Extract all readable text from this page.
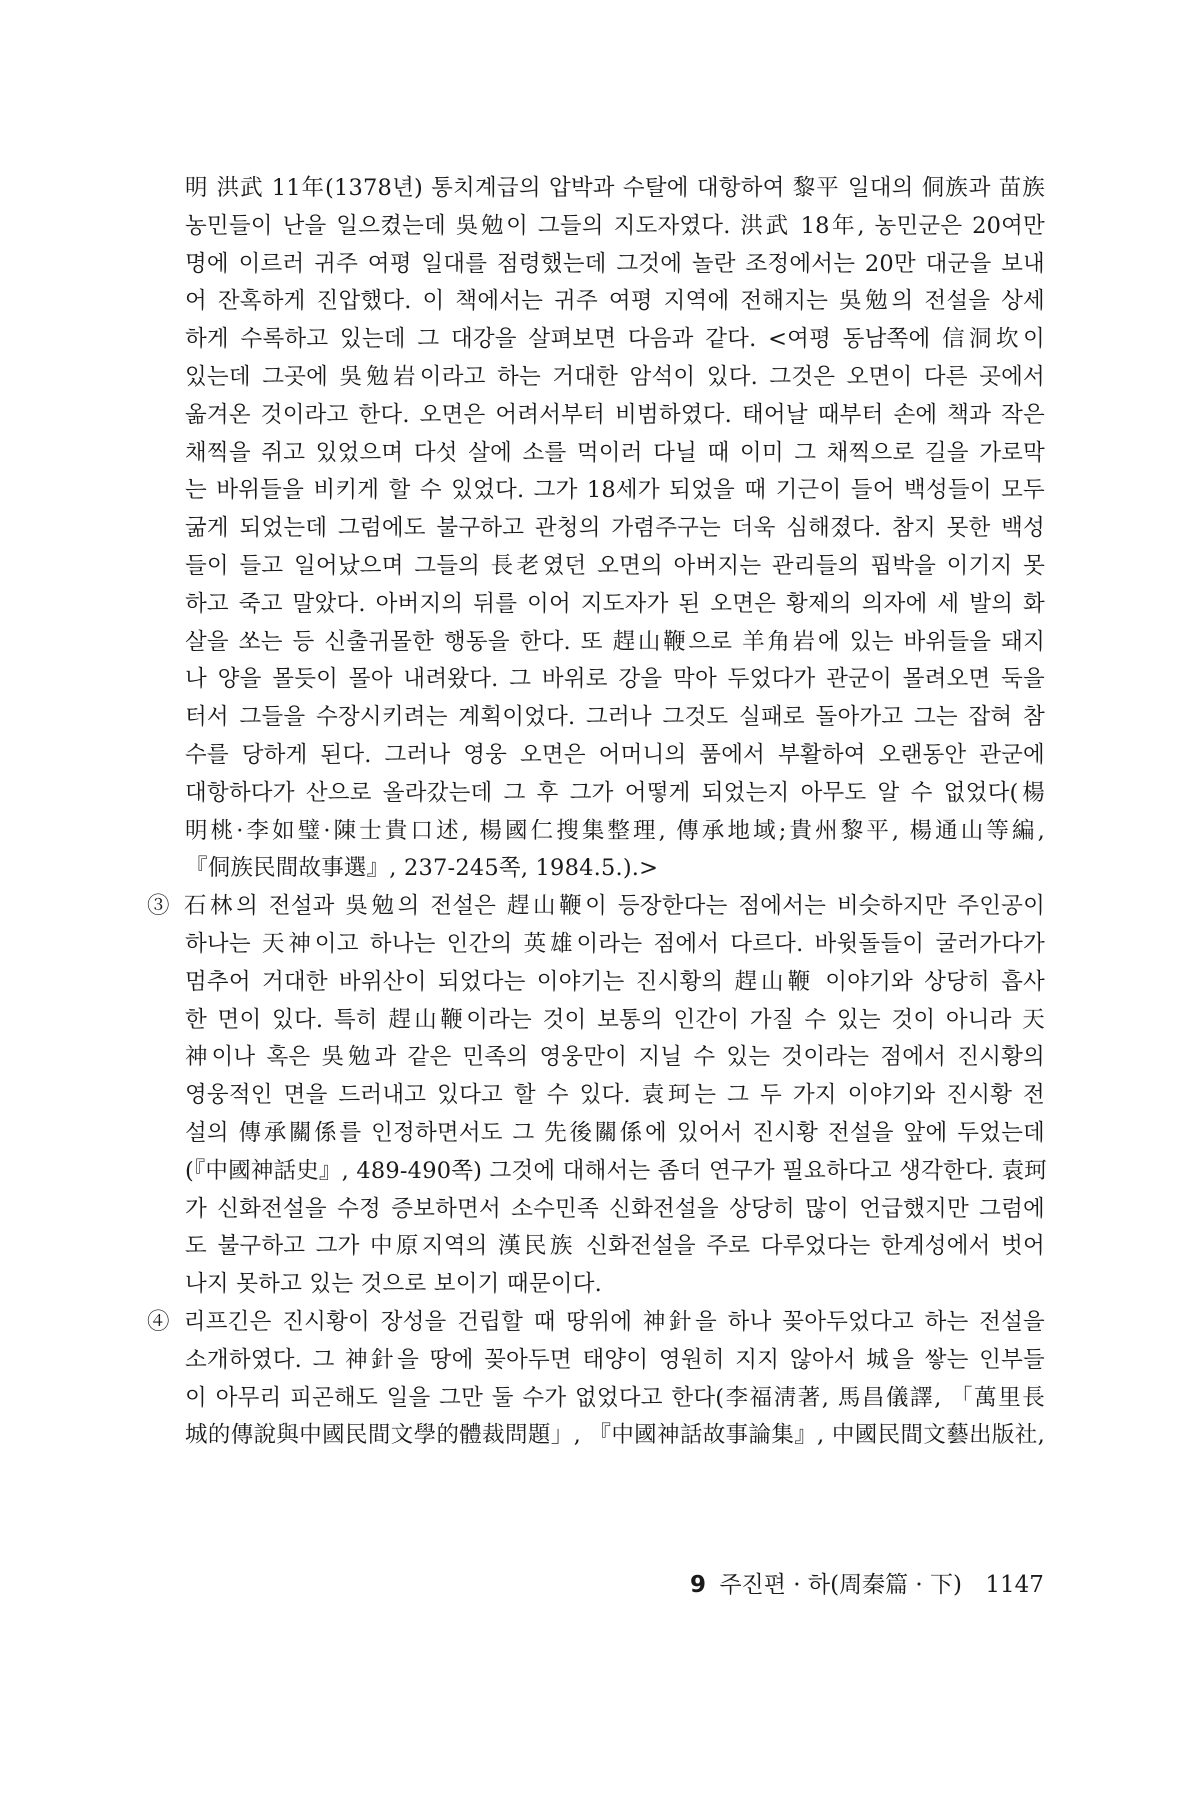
明 洪武 11年(1378년) 통치계급의 압박과 수탈에 대항하여 黎平 일대의 侗族과 苗族
농민들이 난을 일으켰는데 吳勉이 그들의 지도자였다. 洪武 18年, 농민군은 20여만
명에 이르러 귀주 여평 일대를 점령했는데 그것에 놀란 조정에서는 20만 대군을 보내
어 잔혹하게 진압했다. 이 책에서는 귀주 여평 지역에 전해지는 吳勉의 전설을 상세
하게 수록하고 있는데 그 대강을 살펴보면 다음과 같다. <여평 동남쪽에 信洞坎이
있는데 그곳에 吳勉岩이라고 하는 거대한 암석이 있다. 그것은 오면이 다른 곳에서
옮겨온 것이라고 한다. 오면은 어려서부터 비범하였다. 태어날 때부터 손에 책과 작은
채찍을 쥐고 있었으며 다섯 살에 소를 먹이러 다닐 때 이미 그 채찍으로 길을 가로막
는 바위들을 비키게 할 수 있었다. 그가 18세가 되었을 때 기근이 들어 백성들이 모두
굶게 되었는데 그럼에도 불구하고 관청의 가렴주구는 더욱 심해졌다. 참지 못한 백성
들이 들고 일어났으며 그들의 長老였던 오면의 아버지는 관리들의 핍박을 이기지 못
하고 죽고 말았다. 아버지의 뒤를 이어 지도자가 된 오면은 황제의 의자에 세 발의 화
살을 쏘는 등 신출귀몰한 행동을 한다. 또 趕山鞭으로 羊角岩에 있는 바위들을 돼지
나 양을 몰듯이 몰아 내려왔다. 그 바위로 강을 막아 두었다가 관군이 몰려오면 둑을
터서 그들을 수장시키려는 계획이었다. 그러나 그것도 실패로 돌아가고 그는 잡혀 참
수를 당하게 된다. 그러나 영웅 오면은 어머니의 품에서 부활하여 오랜동안 관군에
대항하다가 산으로 올라갔는데 그 후 그가 어떻게 되었는지 아무도 알 수 없었다(楊
明桃·李如璧·陳士貴口述, 楊國仁搜集整理, 傳承地域;貴州黎平, 楊通山等編,
『侗族民間故事選』, 237-245쪽, 1984.5.).>
③ 石林의 전설과 吳勉의 전설은 趕山鞭이 등장한다는 점에서는 비슷하지만 주인공이
하나는 天神이고 하나는 인간의 英雄이라는 점에서 다르다. 바윗돌들이 굴러가다가
멈추어 거대한 바위산이 되었다는 이야기는 진시황의 趕山鞭 이야기와 상당히 흡사
한 면이 있다. 특히 趕山鞭이라는 것이 보통의 인간이 가질 수 있는 것이 아니라 天
神이나 혹은 吳勉과 같은 민족의 영웅만이 지닐 수 있는 것이라는 점에서 진시황의
영웅적인 면을 드러내고 있다고 할 수 있다. 袁珂는 그 두 가지 이야기와 진시황 전
설의 傳承關係를 인정하면서도 그 先後關係에 있어서 진시황 전설을 앞에 두었는데
(『中國神話史』, 489-490쪽) 그것에 대해서는 좀더 연구가 필요하다고 생각한다. 袁珂
가 신화전설을 수정 증보하면서 소수민족 신화전설을 상당히 많이 언급했지만 그럼에
도 불구하고 그가 中原지역의 漢民族 신화전설을 주로 다루었다는 한계성에서 벗어
나지 못하고 있는 것으로 보이기 때문이다.
④ 리프긴은 진시황이 장성을 건립할 때 땅위에 神針을 하나 꽂아두었다고 하는 전설을
소개하였다. 그 神針을 땅에 꽂아두면 태양이 영원히 지지 않아서 城을 쌓는 인부들
이 아무리 피곤해도 일을 그만 둘 수가 없었다고 한다(李福淸著, 馬昌儀譯, 「萬里長
城的傳說與中國民間文學的體裁問題」, 『中國神話故事論集』, 中國民間文藝出版社,
9 주진편 · 하(周秦篇 · 下) 1147
